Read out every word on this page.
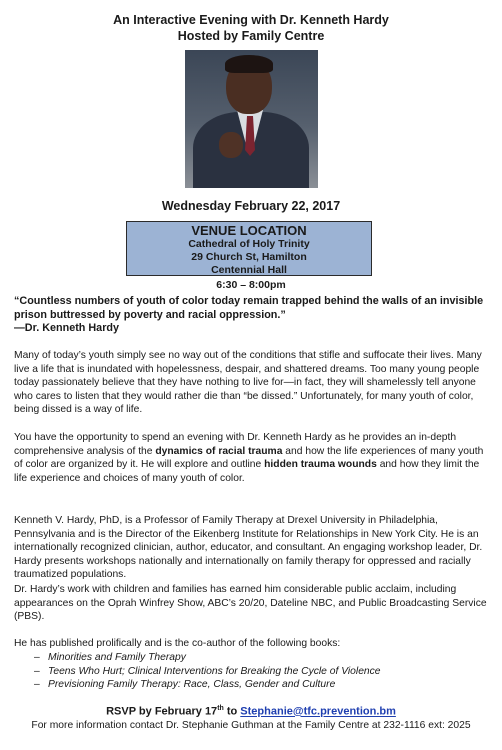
An Interactive Evening with Dr. Kenneth Hardy
Hosted by Family Centre
Wednesday February 22, 2017
VENUE LOCATION
Cathedral of Holy Trinity
29 Church St, Hamilton
Centennial Hall
6:30 – 8:00pm
“Countless numbers of youth of color today remain trapped behind the walls of an invisible prison buttressed by poverty and racial oppression.”
—Dr. Kenneth Hardy
Many of today’s youth simply see no way out of the conditions that stifle and suffocate their lives. Many live a life that is inundated with hopelessness, despair, and shattered dreams. Too many young people today passionately believe that they have nothing to live for—in fact, they will shamelessly tell anyone who cares to listen that they would rather die than “be dissed.” Unfortunately, for many youth of color, being dissed is a way of life.
You have the opportunity to spend an evening with Dr. Kenneth Hardy as he provides an in-depth comprehensive analysis of the dynamics of racial trauma and how the life experiences of many youth of color are organized by it. He will explore and outline hidden trauma wounds and how they limit the life experience and choices of many youth of color.
Kenneth V. Hardy, PhD, is a Professor of Family Therapy at Drexel University in Philadelphia, Pennsylvania and is the Director of the Eikenberg Institute for Relationships in New York City. He is an internationally recognized clinician, author, educator, and consultant. An engaging workshop leader, Dr. Hardy presents workshops nationally and internationally on family therapy for oppressed and racially traumatized populations.
Dr. Hardy’s work with children and families has earned him considerable public acclaim, including appearances on the Oprah Winfrey Show, ABC’s 20/20, Dateline NBC, and Public Broadcasting Service (PBS).
He has published prolifically and is the co-author of the following books:
– Minorities and Family Therapy
– Teens Who Hurt; Clinical Interventions for Breaking the Cycle of Violence
– Previsioning Family Therapy: Race, Class, Gender and Culture
RSVP by February 17th to Stephanie@tfc.prevention.bm
For more information contact Dr. Stephanie Guthman at the Family Centre at 232-1116 ext: 2025
